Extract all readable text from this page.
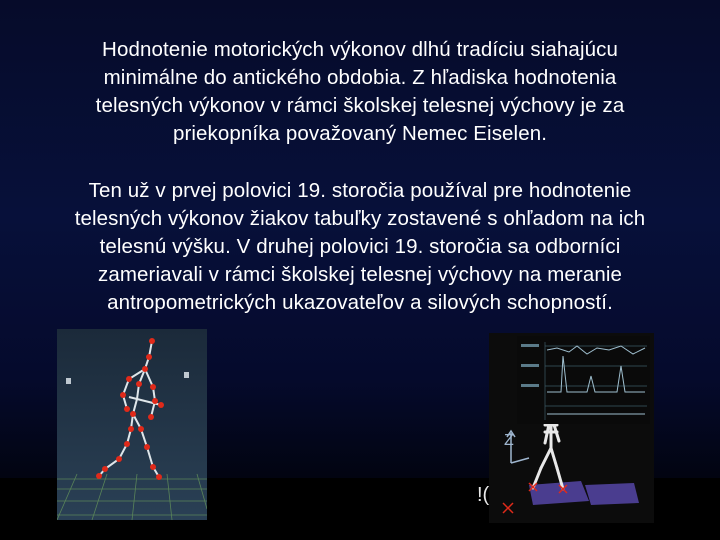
Hodnotenie motorických výkonov dlhú tradíciu siahajúcu
minimálne do antického obdobia. Z hľadiska hodnotenia
telesných výkonov v rámci školskej telesnej výchovy je za
priekopníka považovaný Nemec Eiselen.
Ten už v prvej polovici 19. storočia používal pre hodnotenie
telesných výkonov žiakov tabuľky zostavené s ohľadom na ich
telesnú výšku. V druhej polovici 19. storočia sa odborníci
zameriavali v rámci školskej telesnej výchovy na meranie
antropometrických ukazovateľov a silových schopností.
Z
!(
